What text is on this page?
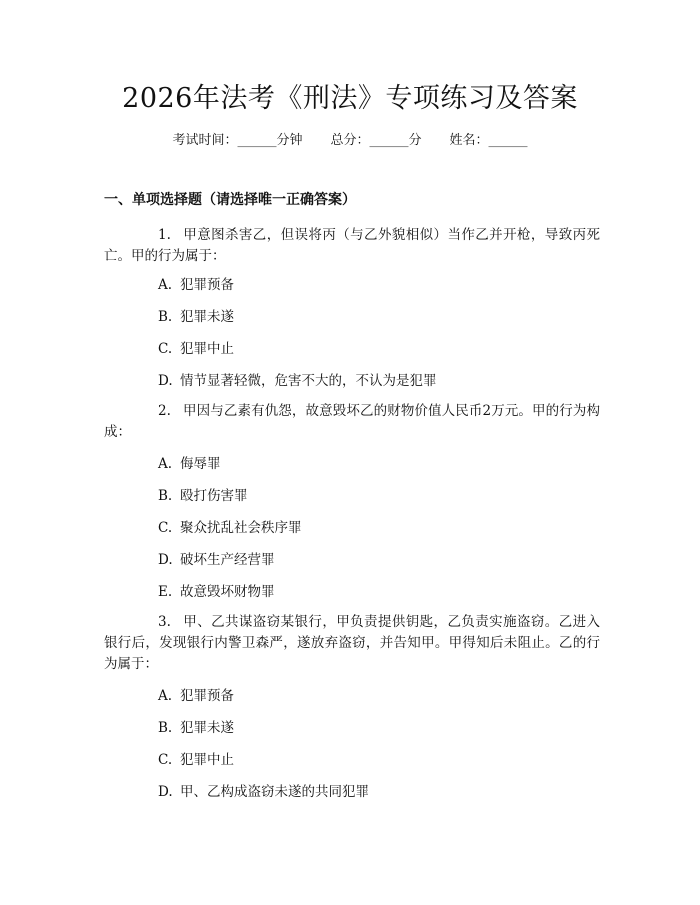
2026年法考《刑法》专项练习及答案
考试时间：______分钟 总分：______分 姓名：______
一、单项选择题（请选择唯一正确答案）
1. 甲意图杀害乙，但误将丙（与乙外貌相似）当作乙并开枪，导致丙死亡。甲的行为属于：
A. 犯罪预备
B. 犯罪未遂
C. 犯罪中止
D. 情节显著轻微，危害不大的，不认为是犯罪
2. 甲因与乙素有仇怨，故意毁坏乙的财物价值人民币2万元。甲的行为构成：
A. 侮辱罪
B. 殴打伤害罪
C. 聚众扰乱社会秩序罪
D. 破坏生产经营罪
E. 故意毁坏财物罪
3. 甲、乙共谋盗窃某银行，甲负责提供钥匙，乙负责实施盗窃。乙进入银行后，发现银行内警卫森严，遂放弃盗窃，并告知甲。甲得知后未阻止。乙的行为属于：
A. 犯罪预备
B. 犯罪未遂
C. 犯罪中止
D. 甲、乙构成盗窃未遂的共同犯罪
